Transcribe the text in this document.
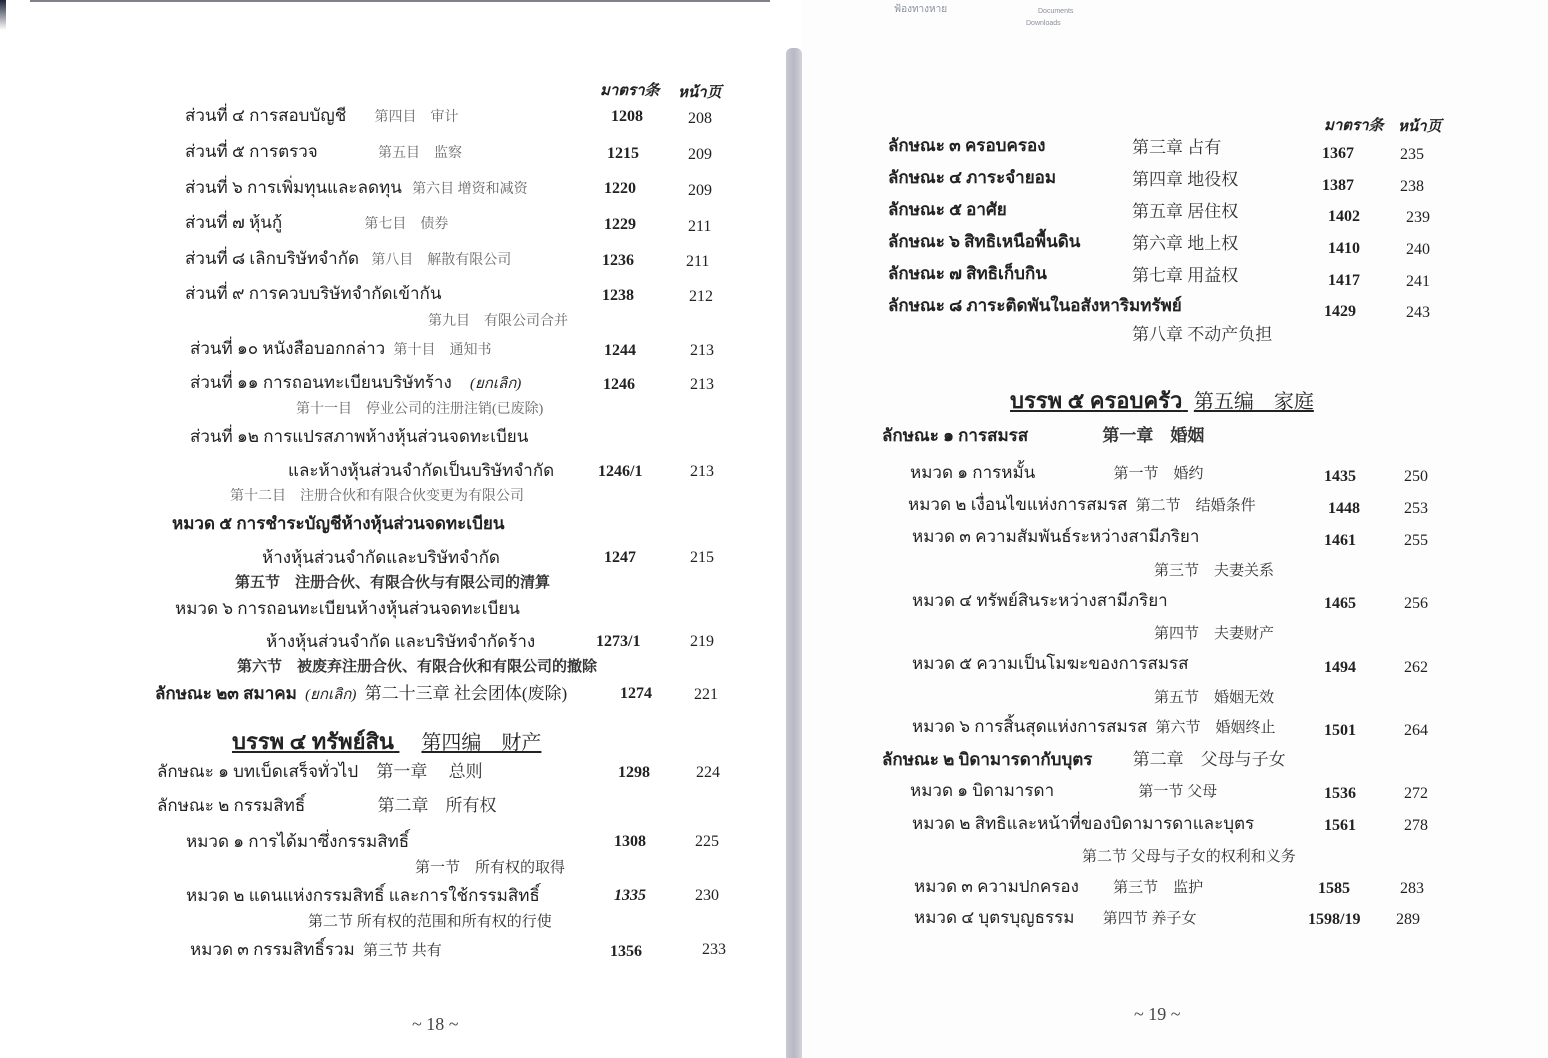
มาตรา条 หน้า页
ส่วนที่ ๔ การสอบบัญชี 第四目　审计	1208	208
ส่วนที่ ๕ การตรวจ	第五目　监察	1215	209
ส่วนที่ ๖ การเพิ่มทุนและลดทุน 第六目 增资和减资	1220	209
ส่วนที่ ๗ หุ้นกู้	第七目　债券	1229	211
ส่วนที่ ๘ เลิกบริษัทจำกัด 第八目　解散有限公司	1236	211
ส่วนที่ ๙ การควบบริษัทจำกัดเข้ากัน	1238	212
第九目　有限公司合并
ส่วนที่ ๑๐ หนังสือบอกกล่าว 第十目　通知书	1244	213
ส่วนที่ ๑๑ การถอนทะเบียนบริษัทร้าง (ยกเลิก)	1246	213
第十一目　停业公司的注册注销(已废除)
ส่วนที่ ๑๒ การแปรสภาพห้างหุ้นส่วนจดทะเบียน
และห้างหุ้นส่วนจำกัดเป็นบริษัทจำกัด	1246/1	213
第十二目　注册合伙和有限合伙变更为有限公司
หมวด ๕ การชำระบัญชีห้างหุ้นส่วนจดทะเบียน
ห้างหุ้นส่วนจำกัดและบริษัทจำกัด	1247	215
第五节　注册合伙、有限合伙与有限公司的清算
หมวด ๖ การถอนทะเบียนห้างหุ้นส่วนจดทะเบียน
ห้างหุ้นส่วนจำกัด และบริษัทจำกัดร้าง	1273/1	219
第六节　被废弃注册合伙、有限合伙和有限公司的撤除
ลักษณะ ๒๓ สมาคม (ยกเลิก) 第二十三章 社会团体(废除)	1274	221
บรรพ ๔ ทรัพย์สิน 第四编　财产
ลักษณะ ๑ บทเบ็ดเสร็จทั่วไป 第一章　 总则	1298	224
ลักษณะ ๒ กรรมสิทธิ์	第二章　所有权
หมวด ๑ การได้มาซึ่งกรรมสิทธิ์	1308	225
第一节　所有权的取得
หมวด ๒ แดนแห่งกรรมสิทธิ์ และการใช้กรรมสิทธิ์	1335	230
第二节 所有权的范围和所有权的行使
หมวด ๓ กรรมสิทธิ์รวม 第三节 共有	1356	233
~ 18 ~
ฟ้องทางหาย	Documents
Downloads
มาตรา条 หน้า页
ลักษณะ ๓ ครอบครอง	第三章 占有	1367	235
ลักษณะ ๔ ภาระจำยอม	第四章 地役权	1387	238
ลักษณะ ๕ อาศัย	第五章 居住权	1402	239
ลักษณะ ๖ สิทธิเหนือพื้นดิน	第六章 地上权	1410	240
ลักษณะ ๗ สิทธิเก็บกิน	第七章 用益权	1417	241
ลักษณะ ๘ ภาระติดพันในอสังหาริมทรัพย์	1429	243
第八章 不动产负担
บรรพ ๕ ครอบครัว 第五编　家庭
ลักษณะ ๑ การสมรส	第一章　婚姻
หมวด ๑ การหมั้น	第一节　婚约	1435	250
หมวด ๒ เงื่อนไขแห่งการสมรส 第二节　结婚条件	1448	253
หมวด ๓ ความสัมพันธ์ระหว่างสามีภริยา	1461	255
第三节　夫妻关系
หมวด ๔ ทรัพย์สินระหว่างสามีภริยา	1465	256
第四节　夫妻财产
หมวด ๕ ความเป็นโมฆะของการสมรส	1494	262
第五节　婚姻无效
หมวด ๖ การสิ้นสุดแห่งการสมรส 第六节　婚姻终止	1501	264
ลักษณะ ๒ บิดามารดากับบุตร 第二章　父母与子女
หมวด ๑ บิดามารดา	第一节 父母	1536	272
หมวด ๒ สิทธิและหน้าที่ของบิดามารดาและบุตร	1561	278
第二节 父母与子女的权利和义务
หมวด ๓ ความปกครอง 第三节　监护	1585	283
หมวด ๔ บุตรบุญธรรม 第四节 养子女	1598/19 289
~ 19 ~
